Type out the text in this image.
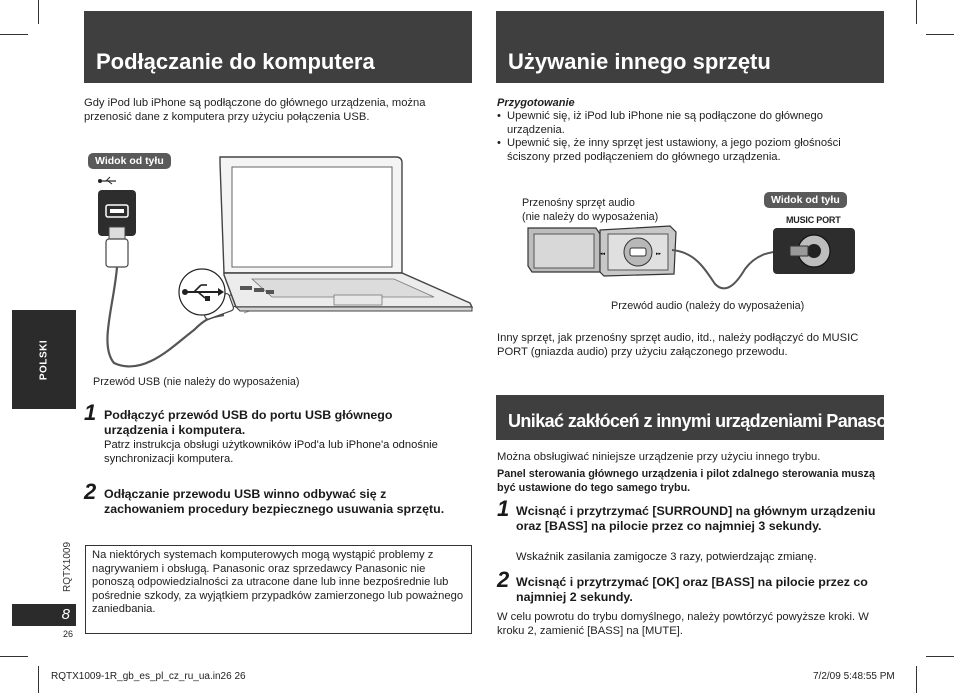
Podłączanie do komputera
Gdy iPod lub iPhone są podłączone do głównego urządzenia, można przenosić dane z komputera przy użyciu połączenia USB.
Widok od tyłu
Przewód USB (nie należy do wyposażenia)
1 Podłączyć przewód USB do portu USB głównego urządzenia i komputera.
Patrz instrukcja obsługi użytkowników iPod'a lub iPhone'a odnośnie synchronizacji komputera.
2 Odłączanie przewodu USB winno odbywać się z zachowaniem procedury bezpiecznego usuwania sprzętu.
Na niektórych systemach komputerowych mogą wystąpić problemy z nagrywaniem i obsługą. Panasonic oraz sprzedawcy Panasonic nie ponoszą odpowiedzialności za utracone dane lub inne bezpośrednie lub pośrednie szkody, za wyjątkiem przypadków zamierzonego lub poważnego zaniedbania.
POLSKI
RQTX1009
8
26
Używanie innego sprzętu
Przygotowanie
• Upewnić się, iż iPod lub iPhone nie są podłączone do głównego urządzenia.
• Upewnić się, że inny sprzęt jest ustawiony, a jego poziom głośności ściszony przed podłączeniem do głównego urządzenia.
Przenośny sprzęt audio
(nie należy do wyposażenia)
Widok od tyłu
◂◂	▸▸
MUSIC PORT
Przewód audio (należy do wyposażenia)
Inny sprzęt, jak przenośny sprzęt audio, itd., należy podłączyć do MUSIC PORT (gniazda audio) przy użyciu załączonego przewodu.
Unikać zakłóceń z innymi urządzeniami Panasonic
Można obsługiwać niniejsze urządzenie przy użyciu innego trybu.
Panel sterowania głównego urządzenia i pilot zdalnego sterowania muszą być ustawione do tego samego trybu.
1 Wcisnąć i przytrzymać [SURROUND] na głównym urządzeniu oraz [BASS] na pilocie przez co najmniej 3 sekundy.
Wskaźnik zasilania zamigocze 3 razy, potwierdzając zmianę.
2 Wcisnąć i przytrzymać [OK] oraz [BASS] na pilocie przez co najmniej 2 sekundy.
W celu powrotu do trybu domyślnego, należy powtórzyć powyższe kroki. W kroku 2, zamienić [BASS] na [MUTE].
RQTX1009-1R_gb_es_pl_cz_ru_ua.in26 26	7/2/09 5:48:55 PM
